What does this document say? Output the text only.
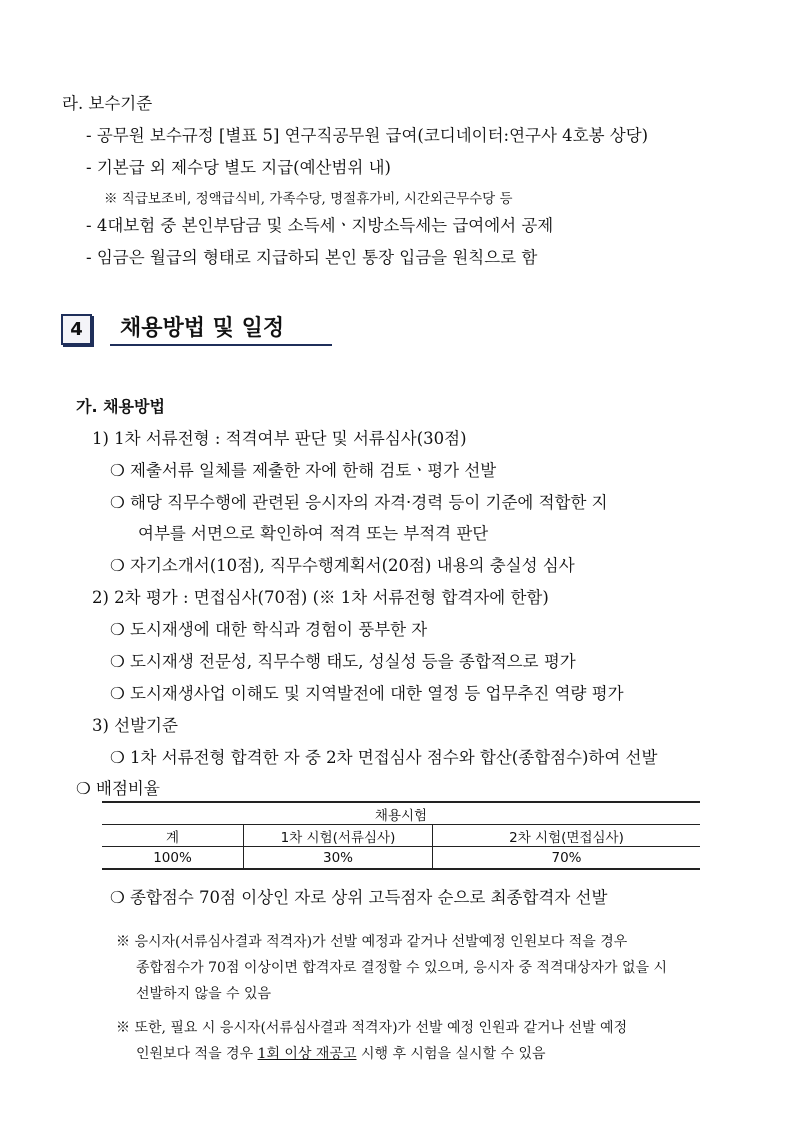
라. 보수기준
- 공무원 보수규정 [별표 5] 연구직공무원 급여(코디네이터:연구사 4호봉 상당)
- 기본급 외 제수당 별도 지급(예산범위 내)
※ 직급보조비, 정액급식비, 가족수당, 명절휴가비, 시간외근무수당 등
- 4대보험 중 본인부담금 및 소득세ㆍ지방소득세는 급여에서 공제
- 임금은 월급의 형태로 지급하되 본인 통장 입금을 원칙으로 함
4	채용방법 및 일정
가. 채용방법
1) 1차 서류전형 : 적격여부 판단 및 서류심사(30점)
❍ 제출서류 일체를 제출한 자에 한해 검토ㆍ평가 선발
❍ 해당 직무수행에 관련된 응시자의 자격·경력 등이 기준에 적합한 지
여부를 서면으로 확인하여 적격 또는 부적격 판단
❍ 자기소개서(10점), 직무수행계획서(20점) 내용의 충실성 심사
2) 2차 평가 : 면접심사(70점) (※ 1차 서류전형 합격자에 한함)
❍ 도시재생에 대한 학식과 경험이 풍부한 자
❍ 도시재생 전문성, 직무수행 태도, 성실성 등을 종합적으로 평가
❍ 도시재생사업 이해도 및 지역발전에 대한 열정 등 업무추진 역량 평가
3) 선발기준
❍ 1차 서류전형 합격한 자 중 2차 면접심사 점수와 합산(종합점수)하여 선발
❍ 배점비율
채용시험		
계	1차 시험(서류심사)	2차 시험(면접심사)
100%	30%	70%
❍ 종합점수 70점 이상인 자로 상위 고득점자 순으로 최종합격자 선발
※ 응시자(서류심사결과 적격자)가 선발 예정과 같거나 선발예정 인원보다 적을 경우
종합점수가 70점 이상이면 합격자로 결정할 수 있으며, 응시자 중 적격대상자가 없을 시
선발하지 않을 수 있음
※ 또한, 필요 시 응시자(서류심사결과 적격자)가 선발 예정 인원과 같거나 선발 예정
인원보다 적을 경우 1회 이상 재공고 시행 후 시험을 실시할 수 있음
